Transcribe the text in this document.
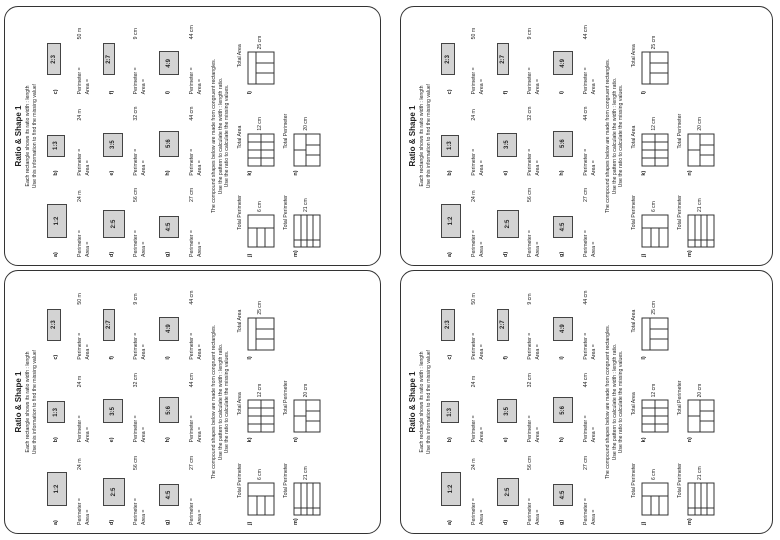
Ratio & Shape 1 Each rectangle shows its ratio width : length Use this information to find the missing value!
a)
1:2
Perimeter = Area =
24 m
b)
1:3
Perimeter = Area =
24 m
c)
2:3
Perimeter = Area =
50 m
d)
2:5
Perimeter = Area =
56 cm
e)
3:5
Perimeter = Area =
32 cm
f)
2:7
Perimeter = Area =
9 cm
g)
4:5
Perimeter = Area =
27 cm
h)
5:6
Perimeter = Area =
44 cm
i)
4:9
Perimeter = Area =
44 cm
The compound shapes below are made from congruent rectangles. Use the pattern to calculate the width : length ratio. Use the ratio to calculate the missing values.
j)
Total Perimeter	6 cm
k)
Total Area
12 cm
l)
Total Area
25 cm
m)
Total Perimeter	21 cm
n)
Total Perimeter	20 cm	Ratio & Shape 1 Each rectangle shows its ratio width : length Use this information to find the missing value!
a)
1:2
Perimeter = Area =
24 m
b)
1:3
Perimeter = Area =
24 m
c)
2:3
Perimeter = Area =
50 m
d)
2:5
Perimeter = Area =
56 cm
e)
3:5
Perimeter = Area =
32 cm
f)
2:7
Perimeter = Area =
9 cm
g)
4:5
Perimeter = Area =
27 cm
h)
5:6
Perimeter = Area =
44 cm
i)
4:9
Perimeter = Area =
44 cm
The compound shapes below are made from congruent rectangles. Use the pattern to calculate the width : length ratio. Use the ratio to calculate the missing values.
j)
Total Perimeter	6 cm
k)
Total Area
12 cm
l)
Total Area
25 cm
m)
Total Perimeter	21 cm
n)
Total Perimeter	20 cm
Ratio & Shape 1 Each rectangle shows its ratio width : length Use this information to find the missing value!
a)
1:2
Perimeter = Area =
24 m
b)
1:3
Perimeter = Area =
24 m
c)
2:3
Perimeter = Area =
50 m
d)
2:5
Perimeter = Area =
56 cm
e)
3:5
Perimeter = Area =
32 cm
f)
2:7
Perimeter = Area =
9 cm
g)
4:5
Perimeter = Area =
27 cm
h)
5:6
Perimeter = Area =
44 cm
i)
4:9
Perimeter = Area =
44 cm
The compound shapes below are made from congruent rectangles. Use the pattern to calculate the width : length ratio. Use the ratio to calculate the missing values.
j)
Total Perimeter	6 cm
k)
Total Area
12 cm
l)
Total Area
25 cm
m)
Total Perimeter	21 cm
n)
Total Perimeter	20 cm	Ratio & Shape 1 Each rectangle shows its ratio width : length Use this information to find the missing value!
a)
1:2
Perimeter = Area =
24 m
b)
1:3
Perimeter = Area =
24 m
c)
2:3
Perimeter = Area =
50 m
d)
2:5
Perimeter = Area =
56 cm
e)
3:5
Perimeter = Area =
32 cm
f)
2:7
Perimeter = Area =
9 cm
g)
4:5
Perimeter = Area =
27 cm
h)
5:6
Perimeter = Area =
44 cm
i)
4:9
Perimeter = Area =
44 cm
The compound shapes below are made from congruent rectangles. Use the pattern to calculate the width : length ratio. Use the ratio to calculate the missing values.
j)
Total Perimeter	6 cm
k)
Total Area
12 cm
l)
Total Area
25 cm
m)
Total Perimeter	21 cm
n)
Total Perimeter	20 cm
